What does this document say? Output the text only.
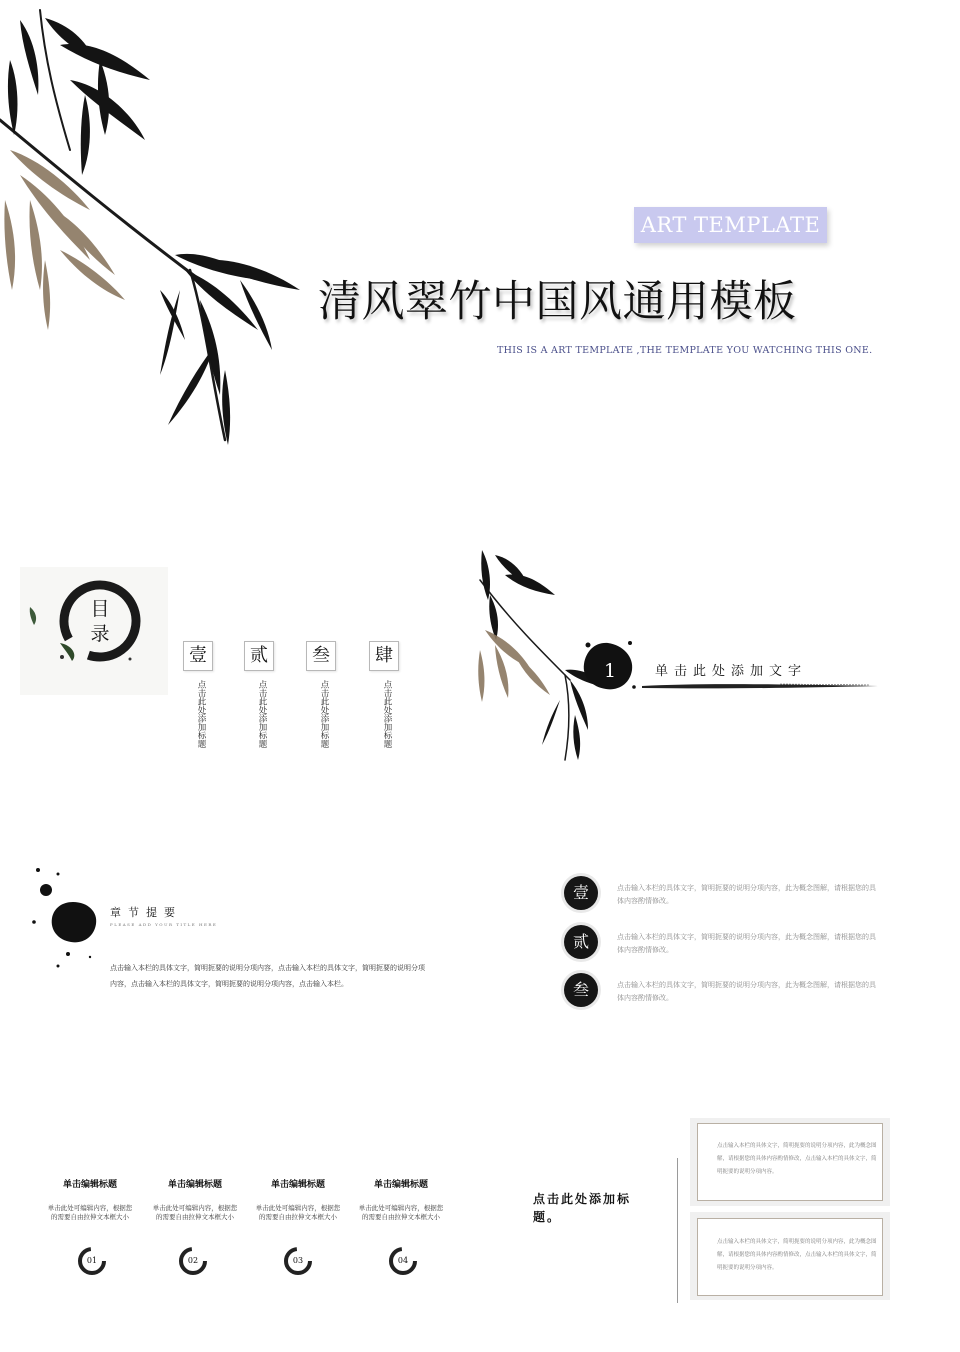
ART TEMPLATE
清风翠竹中国风通用模板
THIS IS A ART TEMPLATE ,THE TEMPLATE YOU WATCHING THIS ONE.
目
录
壹
点击此处添加标题
贰
点击此处添加标题
叁
点击此处添加标题
肆
点击此处添加标题
1	单击此处添加文字
章节提要
PLEASE ADD YOUR TITLE HERE
点击输入本栏的具体文字，简明扼要的说明分项内容，点击输入本栏的具体文字，简明扼要的说明分项内容，点击输入本栏的具体文字，简明扼要的说明分项内容，点击输入本栏。
壹	点击输入本栏的具体文字，简明扼要的说明分项内容，此为概念图解，请根据您的具体内容酌情修改。
贰	点击输入本栏的具体文字，简明扼要的说明分项内容，此为概念图解，请根据您的具体内容酌情修改。
叁	点击输入本栏的具体文字，简明扼要的说明分项内容，此为概念图解，请根据您的具体内容酌情修改。
单击编辑标题
单击此处可编辑内容，根据您的需要自由拉伸文本框大小
01
单击编辑标题
单击此处可编辑内容，根据您的需要自由拉伸文本框大小
02
单击编辑标题
单击此处可编辑内容，根据您的需要自由拉伸文本框大小
03
单击编辑标题
单击此处可编辑内容，根据您的需要自由拉伸文本框大小
04
点击此处添加标题。
点击输入本栏的具体文字，简明扼要的说明分项内容，此为概念图解，请根据您的具体内容酌情修改，点击输入本栏的具体文字，简明扼要的说明分项内容。
点击输入本栏的具体文字，简明扼要的说明分项内容，此为概念图解，请根据您的具体内容酌情修改，点击输入本栏的具体文字，简明扼要的说明分项内容。
